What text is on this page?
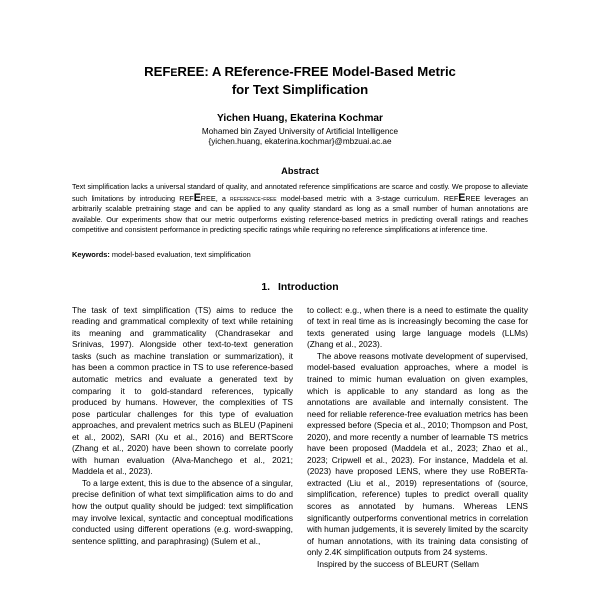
REFEREE: A REference-FREE Model-Based Metric
for Text Simplification
Yichen Huang, Ekaterina Kochmar
Mohamed bin Zayed University of Artificial Intelligence
{yichen.huang, ekaterina.kochmar}@mbzuai.ac.ae
Abstract
Text simplification lacks a universal standard of quality, and annotated reference simplifications are scarce and costly. We propose to alleviate such limitations by introducing REFEREE, a reference-free model-based metric with a 3-stage curriculum. REFEREE leverages an arbitrarily scalable pretraining stage and can be applied to any quality standard as long as a small number of human annotations are available. Our experiments show that our metric outperforms existing reference-based metrics in predicting overall ratings and reaches competitive and consistent performance in predicting specific ratings while requiring no reference simplifications at inference time.
Keywords: model-based evaluation, text simplification
1. Introduction

The task of text simplification (TS) aims to reduce the reading and grammatical complexity of text while retaining its meaning and grammaticality (Chandrasekar and Srinivas, 1997). Alongside other text-to-text generation tasks (such as machine translation or summarization), it has been a common practice in TS to use reference-based automatic metrics and evaluate a generated text by comparing it to gold-standard references, typically produced by humans. However, the complexities of TS pose particular challenges for this type of evaluation approaches, and prevalent metrics such as BLEU (Papineni et al., 2002), SARI (Xu et al., 2016) and BERTScore (Zhang et al., 2020) have been shown to correlate poorly with human evaluation (Alva-Manchego et al., 2021; Maddela et al., 2023).

To a large extent, this is due to the absence of a singular, precise definition of what text simplification aims to do and how the output quality should be judged: text simplification may involve lexical, syntactic and conceptual modifications conducted using different operations (e.g. word-swapping, sentence splitting, and paraphrasing) (Sulem et al.,

to collect: e.g., when there is a need to estimate the quality of text in real time as is increasingly becoming the case for texts generated using large language models (LLMs) (Zhang et al., 2023).

The above reasons motivate development of supervised, model-based evaluation approaches, where a model is trained to mimic human evaluation on given examples, which is applicable to any standard as long as the annotations are available and internally consistent. The need for reliable reference-free evaluation metrics has been expressed before (Specia et al., 2010; Thompson and Post, 2020), and more recently a number of learnable TS metrics have been proposed (Maddela et al., 2023; Zhao et al., 2023; Cripwell et al., 2023). For instance, Maddela et al. (2023) have proposed LENS, where they use RoBERTa-extracted (Liu et al., 2019) representations of (source, simplification, reference) tuples to predict overall quality scores as annotated by humans. Whereas LENS significantly outperforms conventional metrics in correlation with human judgements, it is severely limited by the scarcity of human annotations, with its training data consisting of only 2.4K simplification outputs from 24 systems.

Inspired by the success of BLEURT (Sellam
